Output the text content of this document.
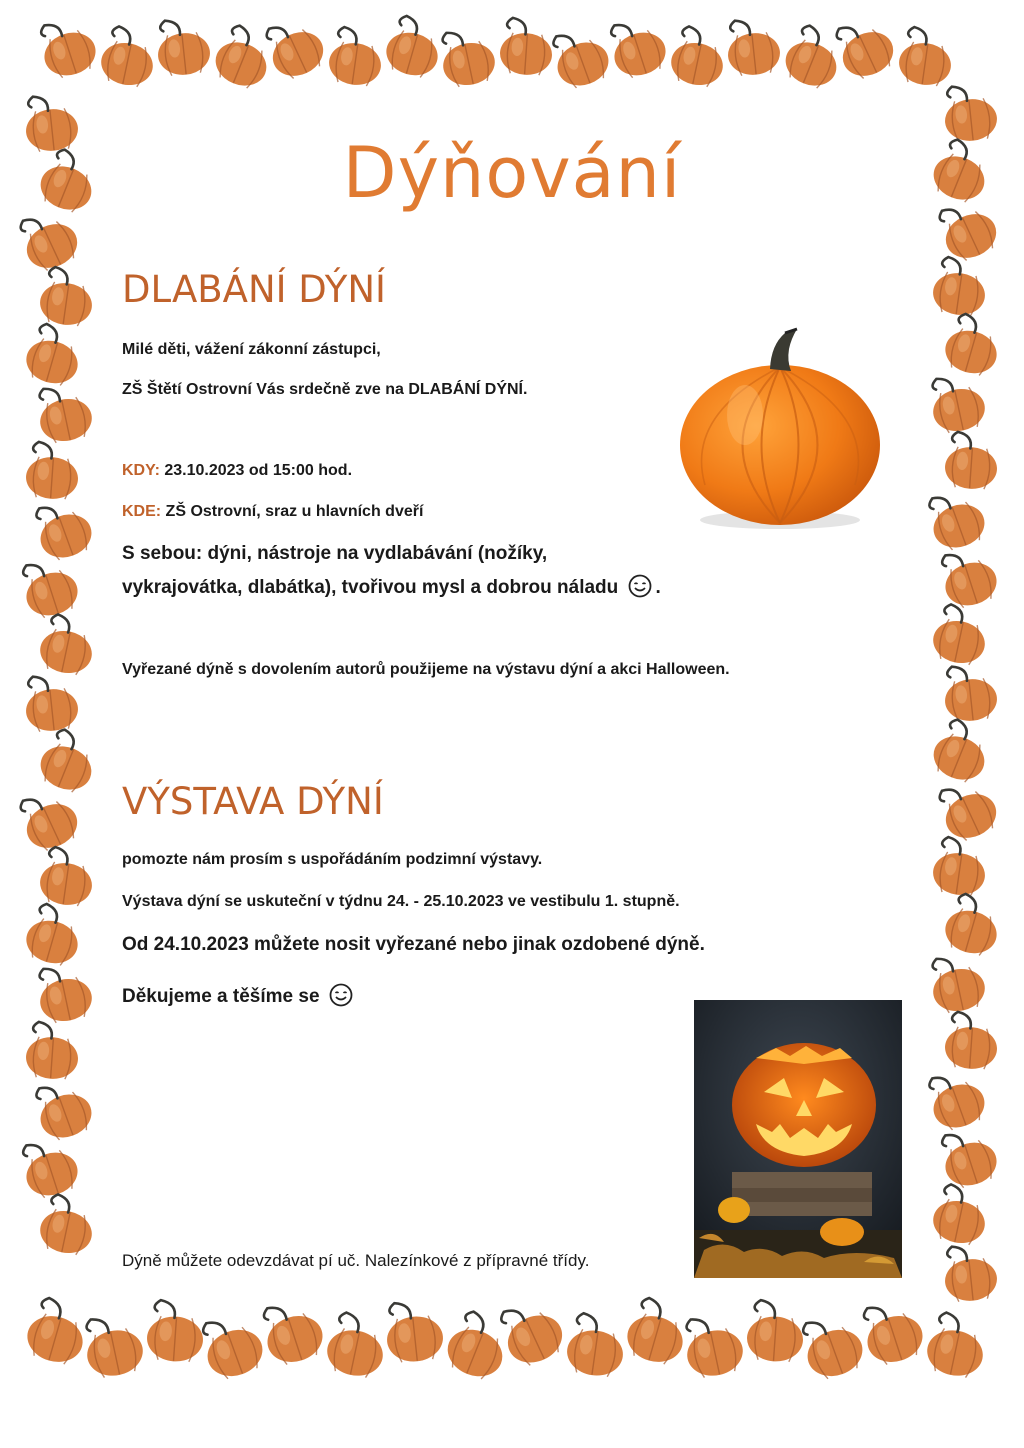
Dýňování
DLABÁNÍ DÝNÍ
Milé děti, vážení zákonní zástupci,
ZŠ Štětí Ostrovní Vás srdečně zve na DLABÁNÍ DÝNÍ.
KDY: 23.10.2023 od 15:00 hod.
KDE: ZŠ Ostrovní, sraz u hlavních dveří
S sebou: dýni, nástroje na vydlabávání (nožíky,
vykrajovátka, dlabátka), tvořivou mysl a dobrou náladu .
Vyřezané dýně s dovolením autorů použijeme na výstavu dýní a akci Halloween.
VÝSTAVA DÝNÍ
pomozte nám prosím s uspořádáním podzimní výstavy.
Výstava dýní se uskuteční v týdnu 24. - 25.10.2023 ve vestibulu 1. stupně.
Od 24.10.2023 můžete nosit vyřezané nebo jinak ozdobené dýně.
Děkujeme a těšíme se
Dýně můžete odevzdávat pí uč. Nalezínkové z přípravné třídy.
